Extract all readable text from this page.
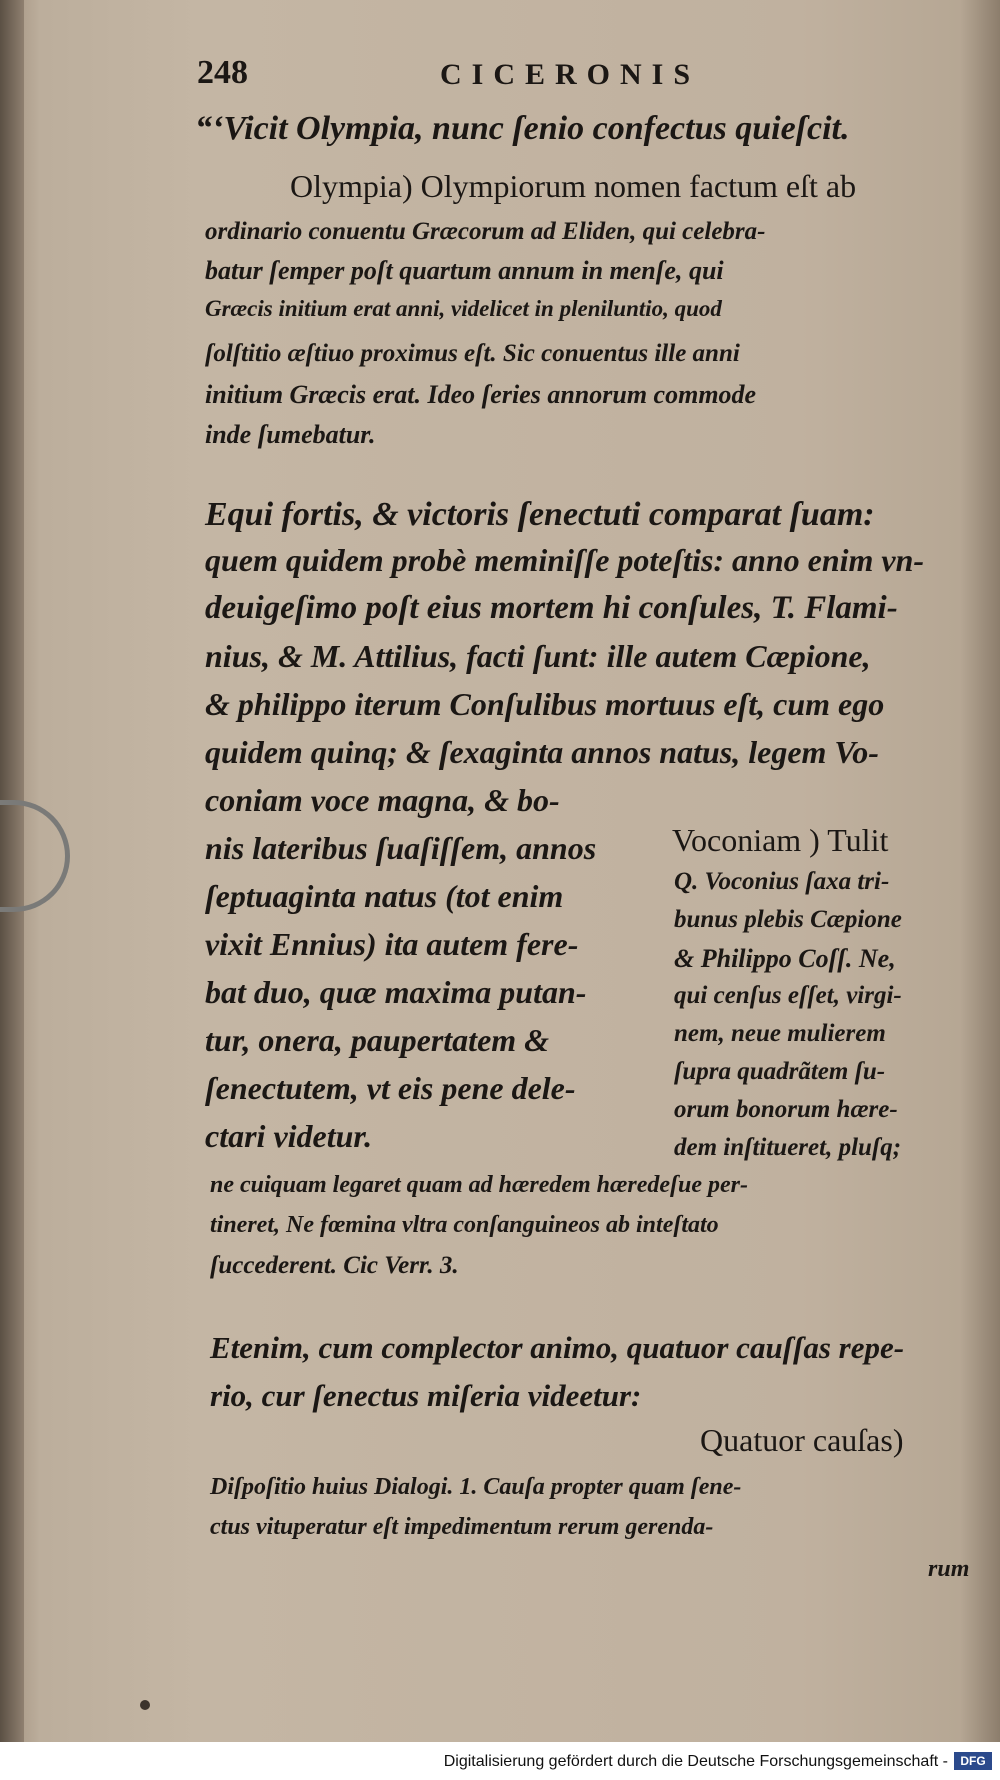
248	CICERONIS
“‘Vicit Olympia, nunc ſenio confectus quieſcit.
Olympia) Olympiorum nomen factum eſt ab
ordinario conuentu Græcorum ad Eliden, qui celebra-
batur ſemper poſt quartum annum in menſe, qui
Græcis initium erat anni, videlicet in pleniluntio, quod
ſolſtitio æſtiuo proximus eſt. Sic conuentus ille anni
initium Græcis erat. Ideo ſeries annorum commode
inde ſumebatur.
Equi fortis, & victoris ſenectuti comparat ſuam:
quem quidem probè meminiſſe poteſtis: anno enim vn-
deuigeſimo poſt eius mortem hi conſules, T. Flami-
nius, & M. Attilius, facti ſunt: ille autem Cæpione,
& philippo iterum Conſulibus mortuus eſt, cum ego
quidem quinq; & ſexaginta annos natus, legem Vo-
coniam voce magna, & bo-
nis lateribus ſuaſiſſem, annos
ſeptuaginta natus (tot enim
vixit Ennius) ita autem fere-
bat duo, quæ maxima putan-
tur, onera, paupertatem &
ſenectutem, vt eis pene dele-
ctari videtur.
Voconiam ) Tulit
Q. Voconius ſaxa tri-
bunus plebis Cæpione
& Philippo Coſſ. Ne,
qui cenſus eſſet, virgi-
nem, neue mulierem
ſupra quadrãtem ſu-
orum bonorum hære-
dem inſtitueret, pluſq;
ne cuiquam legaret quam ad hæredem hæredeſue per-
tineret, Ne fœmina vltra conſanguineos ab inteſtato
ſuccederent. Cic Verr. 3.
Etenim, cum complector animo, quatuor cauſſas repe-
rio, cur ſenectus miſeria videetur:
Quatuor cauſas)
Diſpoſitio huius Dialogi. 1. Cauſa propter quam ſene-
ctus vituperatur eſt impedimentum rerum gerenda-
rum
Digitalisierung gefördert durch die Deutsche Forschungsgemeinschaft -	DFG
